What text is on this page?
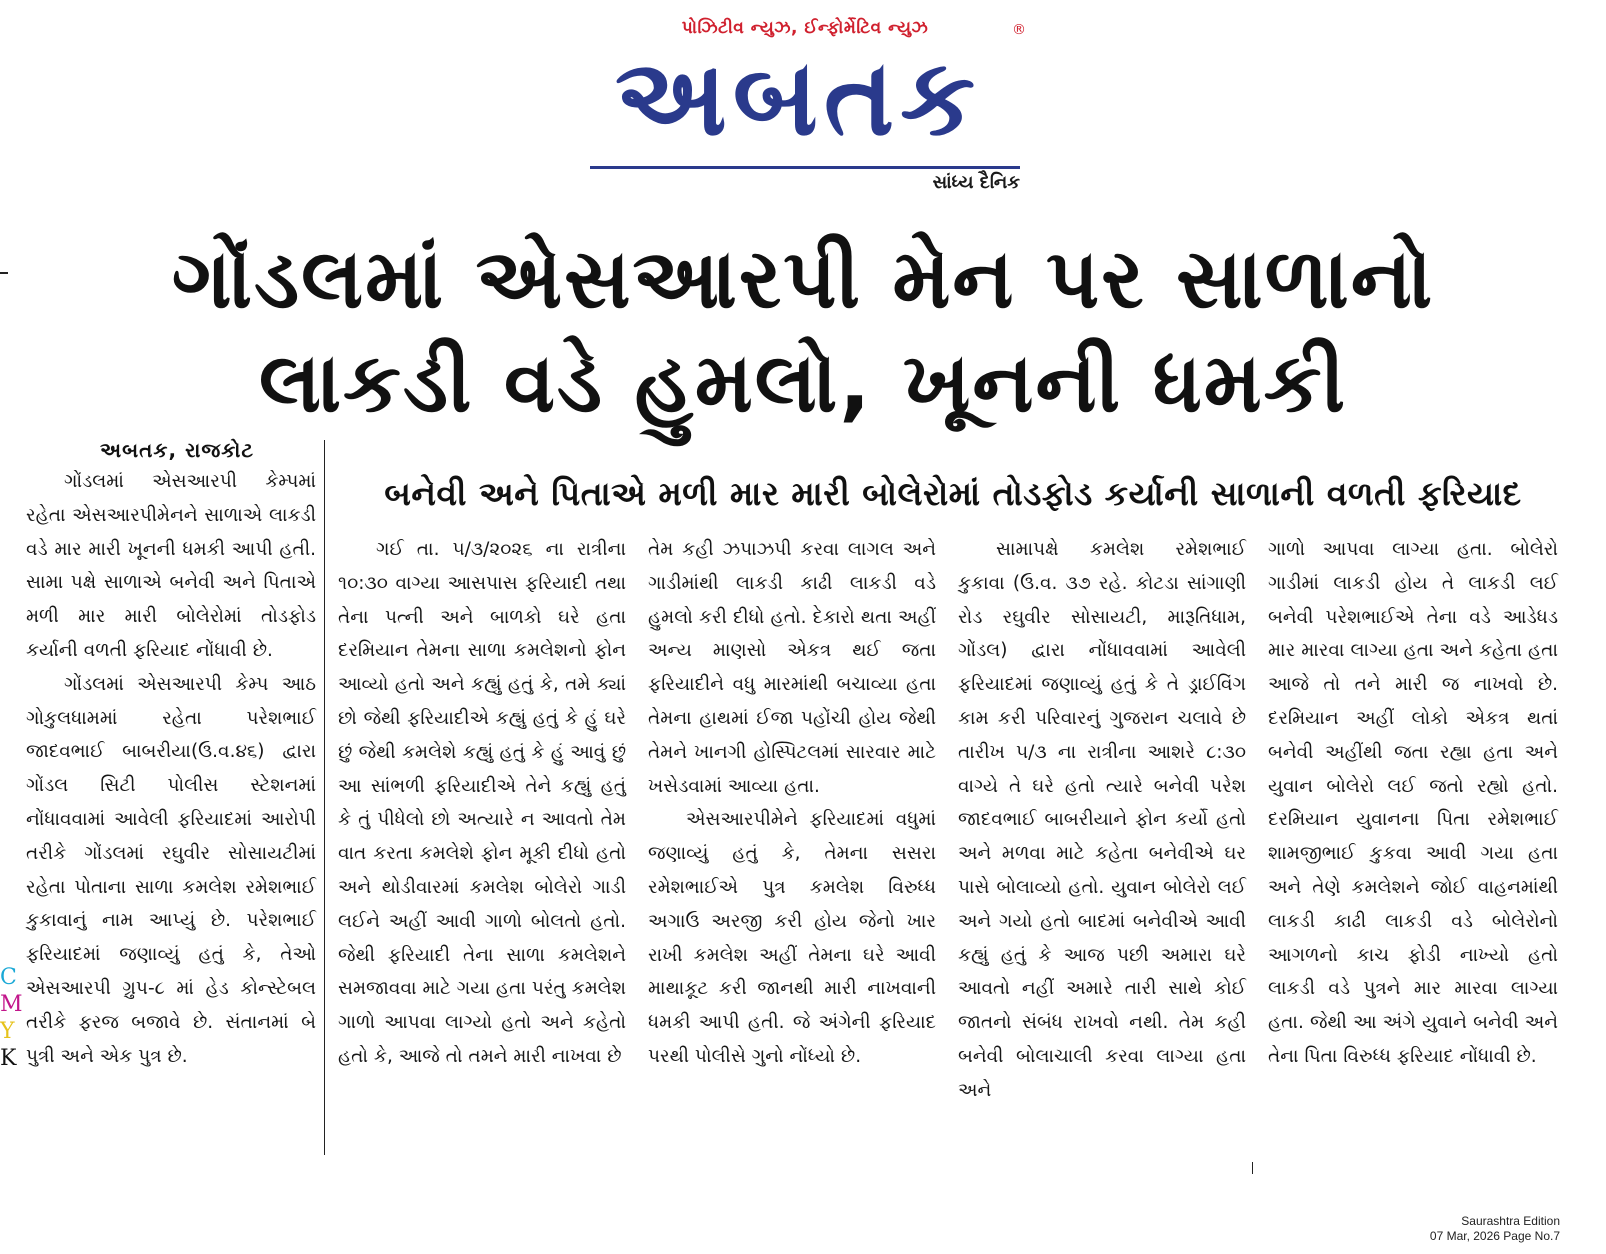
પોઝિટીવ ન્યુઝ, ઈન્ફોર્મેટિવ ન્યુઝ
અબતક
®
સાંધ્ય દૈનિક
ગોંડલમાં એસઆરપી મેન પર સાળાનો
લાકડી વડે હુમલો, ખૂનની ધમકી
અબતક, રાજકોટ
બનેવી અને પિતાએ મળી માર મારી બોલેરોમાં તોડફોડ કર્યાની સાળાની વળતી ફરિયાદ

ગોંડલમાં એસઆરપી કેમ્પમાં રહેતા એસઆરપીમેનને સાળાએ લાકડી વડે માર મારી ખૂનની ધમકી આપી હતી. સામા પક્ષે સાળાએ બનેવી અને પિતાએ મળી માર મારી બોલેરોમાં તોડફોડ કર્યાની વળતી ફરિયાદ નોંધાવી છે.

ગોંડલમાં એસઆરપી કેમ્પ આઠ ગોકુલધામમાં રહેતા પરેશભાઈ જાદવભાઈ બાબરીયા(ઉ.વ.૪૬) દ્વારા ગોંડલ સિટી પોલીસ સ્ટેશનમાં નોંધાવવામાં આવેલી ફરિયાદમાં આરોપી તરીકે ગોંડલમાં રઘુવીર સોસાયટીમાં રહેતા પોતાના સાળા કમલેશ રમેશભાઈ કુકાવાનું નામ આપ્યું છે. પરેશભાઈ ફરિયાદમાં જણાવ્યું હતું કે, તેઓ એસઆરપી ગ્રુપ-૮ માં હેડ કોન્સ્ટેબલ તરીકે ફરજ બજાવે છે. સંતાનમાં બે પુત્રી અને એક પુત્ર છે.

ગઈ તા. ૫/૩/૨૦૨૬ ના રાત્રીના ૧૦:૩૦ વાગ્યા આસપાસ ફરિયાદી તથા તેના પત્ની અને બાળકો ઘરે હતા દરમિયાન તેમના સાળા કમલેશનો ફોન આવ્યો હતો અને કહ્યું હતું કે, તમે ક્યાં છો જેથી ફરિયાદીએ કહ્યું હતું કે હું ઘરે છું જેથી કમલેશે કહ્યું હતું કે હું આવું છું આ સાંભળી ફરિયાદીએ તેને કહ્યું હતું કે તું પીધેલો છો અત્યારે ન આવતો તેમ વાત કરતા કમલેશે ફોન મૂકી દીધો હતો અને થોડીવારમાં કમલેશ બોલેરો ગાડી લઈને અહીં આવી ગાળો બોલતો હતો. જેથી ફરિયાદી તેના સાળા કમલેશને સમજાવવા માટે ગયા હતા પરંતુ કમલેશ ગાળો આપવા લાગ્યો હતો અને કહેતો હતો કે, આજે તો તમને મારી નાખવા છે

તેમ કહી ઝપાઝપી કરવા લાગલ અને ગાડીમાંથી લાકડી કાઢી લાકડી વડે હુમલો કરી દીધો હતો. દેકારો થતા અહીં અન્ય માણસો એકત્ર થઈ જતા ફરિયાદીને વધુ મારમાંથી બચાવ્યા હતા તેમના હાથમાં ઈજા પહોંચી હોય જેથી તેમને ખાનગી હોસ્પિટલમાં સારવાર માટે ખસેડવામાં આવ્યા હતા.

એસઆરપીમેને ફરિયાદમાં વધુમાં જણાવ્યું હતું કે, તેમના સસરા રમેશભાઈએ પુત્ર કમલેશ વિરુધ્ધ અગાઉ અરજી કરી હોય જેનો ખાર રાખી કમલેશ અહીં તેમના ઘરે આવી માથાકૂટ કરી જાનથી મારી નાખવાની ધમકી આપી હતી. જે અંગેની ફરિયાદ પરથી પોલીસે ગુનો નોંધ્યો છે.

સામાપક્ષે કમલેશ રમેશભાઈ કુકાવા (ઉ.વ. ૩૭ રહે. કોટડા સાંગાણી રોડ રઘુવીર સોસાયટી, મારૂતિધામ, ગોંડલ) દ્વારા નોંધાવવામાં આવેલી ફરિયાદમાં જણાવ્યું હતું કે તે ડ્રાઈવિંગ કામ કરી પરિવારનું ગુજરાન ચલાવે છે તારીખ ૫/૩ ના રાત્રીના આશરે ૮:૩૦ વાગ્યે તે ઘરે હતો ત્યારે બનેવી પરેશ જાદવભાઈ બાબરીયાને ફોન કર્યો હતો અને મળવા માટે કહેતા બનેવીએ ઘર પાસે બોલાવ્યો હતો. યુવાન બોલેરો લઈ અને ગયો હતો બાદમાં બનેવીએ આવી કહ્યું હતું કે આજ પછી અમારા ઘરે આવતો નહીં અમારે તારી સાથે કોઈ જાતનો સંબંધ રાખવો નથી. તેમ કહી બનેવી બોલાચાલી કરવા લાગ્યા હતા અને

ગાળો આપવા લાગ્યા હતા. બોલેરો ગાડીમાં લાકડી હોય તે લાકડી લઈ બનેવી પરેશભાઈએ તેના વડે આડેધડ માર મારવા લાગ્યા હતા અને કહેતા હતા આજે તો તને મારી જ નાખવો છે. દરમિયાન અહીં લોકો એકત્ર થતાં બનેવી અહીંથી જતા રહ્યા હતા અને યુવાન બોલેરો લઈ જતો રહ્યો હતો. દરમિયાન યુવાનના પિતા રમેશભાઈ શામજીભાઈ કુકવા આવી ગયા હતા અને તેણે કમલેશને જોઈ વાહનમાંથી લાકડી કાઢી લાકડી વડે બોલેરોનો આગળનો કાચ ફોડી નાખ્યો હતો લાકડી વડે પુત્રને માર મારવા લાગ્યા હતા. જેથી આ અંગે યુવાને બનેવી અને તેના પિતા વિરુધ્ધ ફરિયાદ નોંધાવી છે.

C
M
Y
K
Saurashtra Edition
07 Mar, 2026 Page No.7
